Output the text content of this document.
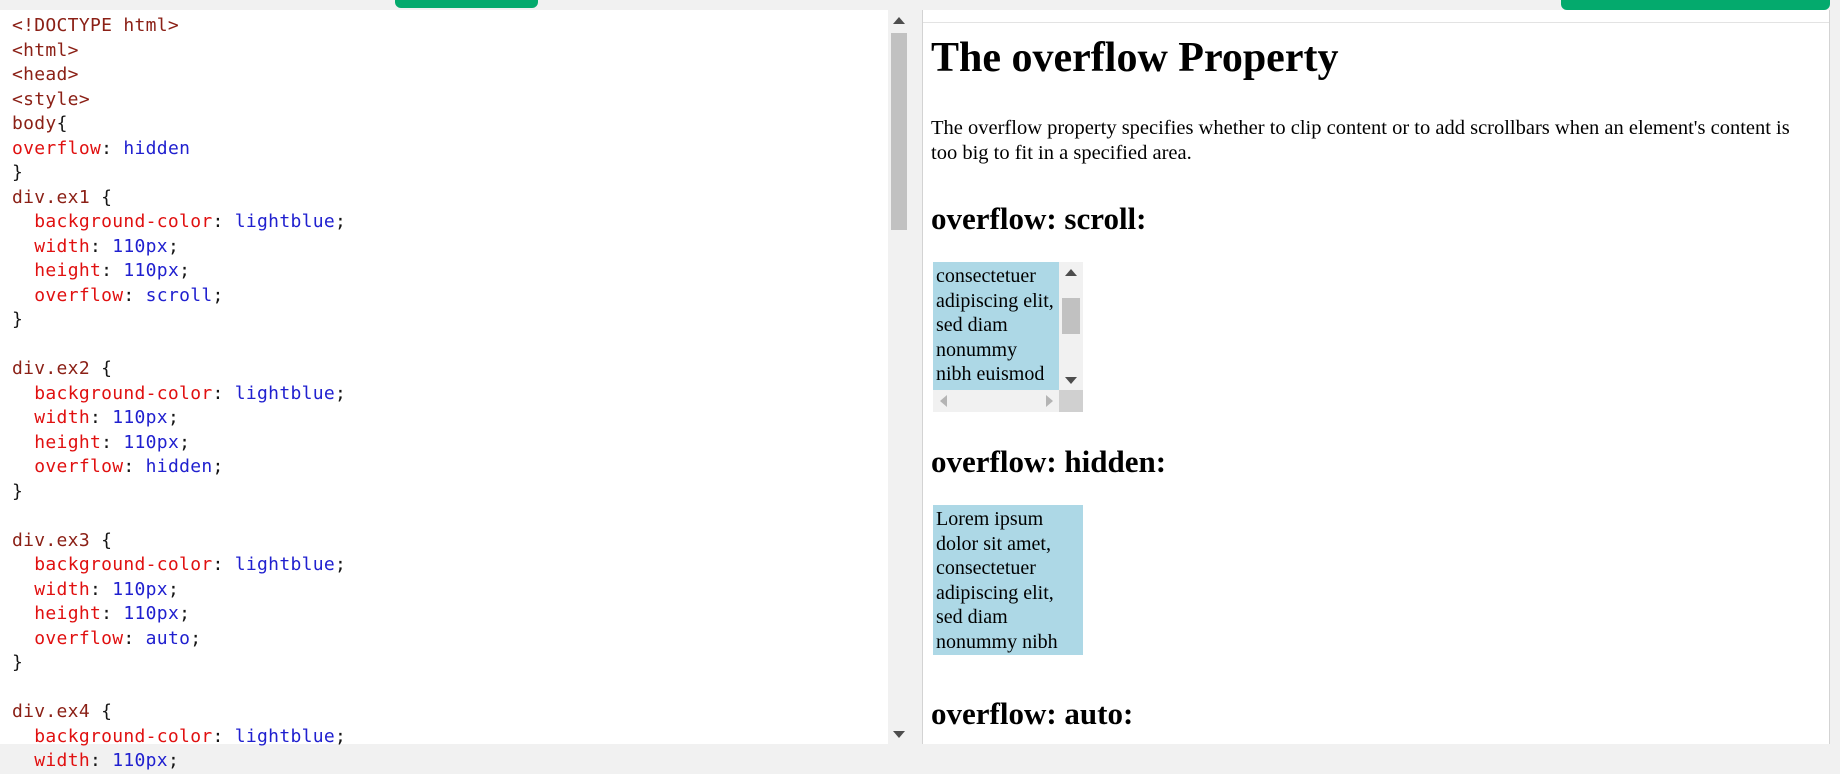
<!DOCTYPE html>
<html>
<head>
<style>
body{
overflow: hidden
}
div.ex1 {
background-color: lightblue;
width: 110px;
height: 110px;
overflow: scroll;
}
div.ex2 {
background-color: lightblue;
width: 110px;
height: 110px;
overflow: hidden;
}
div.ex3 {
background-color: lightblue;
width: 110px;
height: 110px;
overflow: auto;
}
div.ex4 {
background-color: lightblue;
width: 110px;
The overflow Property

The overflow property specifies whether to clip content or to add scrollbars when an element's content is too big to fit in a specified area.

overflow: scroll:
consectetuer
adipiscing elit,
sed diam
nonummy
nibh euismod
overflow: hidden:
Lorem ipsum
dolor sit amet,
consectetuer
adipiscing elit,
sed diam
nonummy nibh
overflow: auto:
